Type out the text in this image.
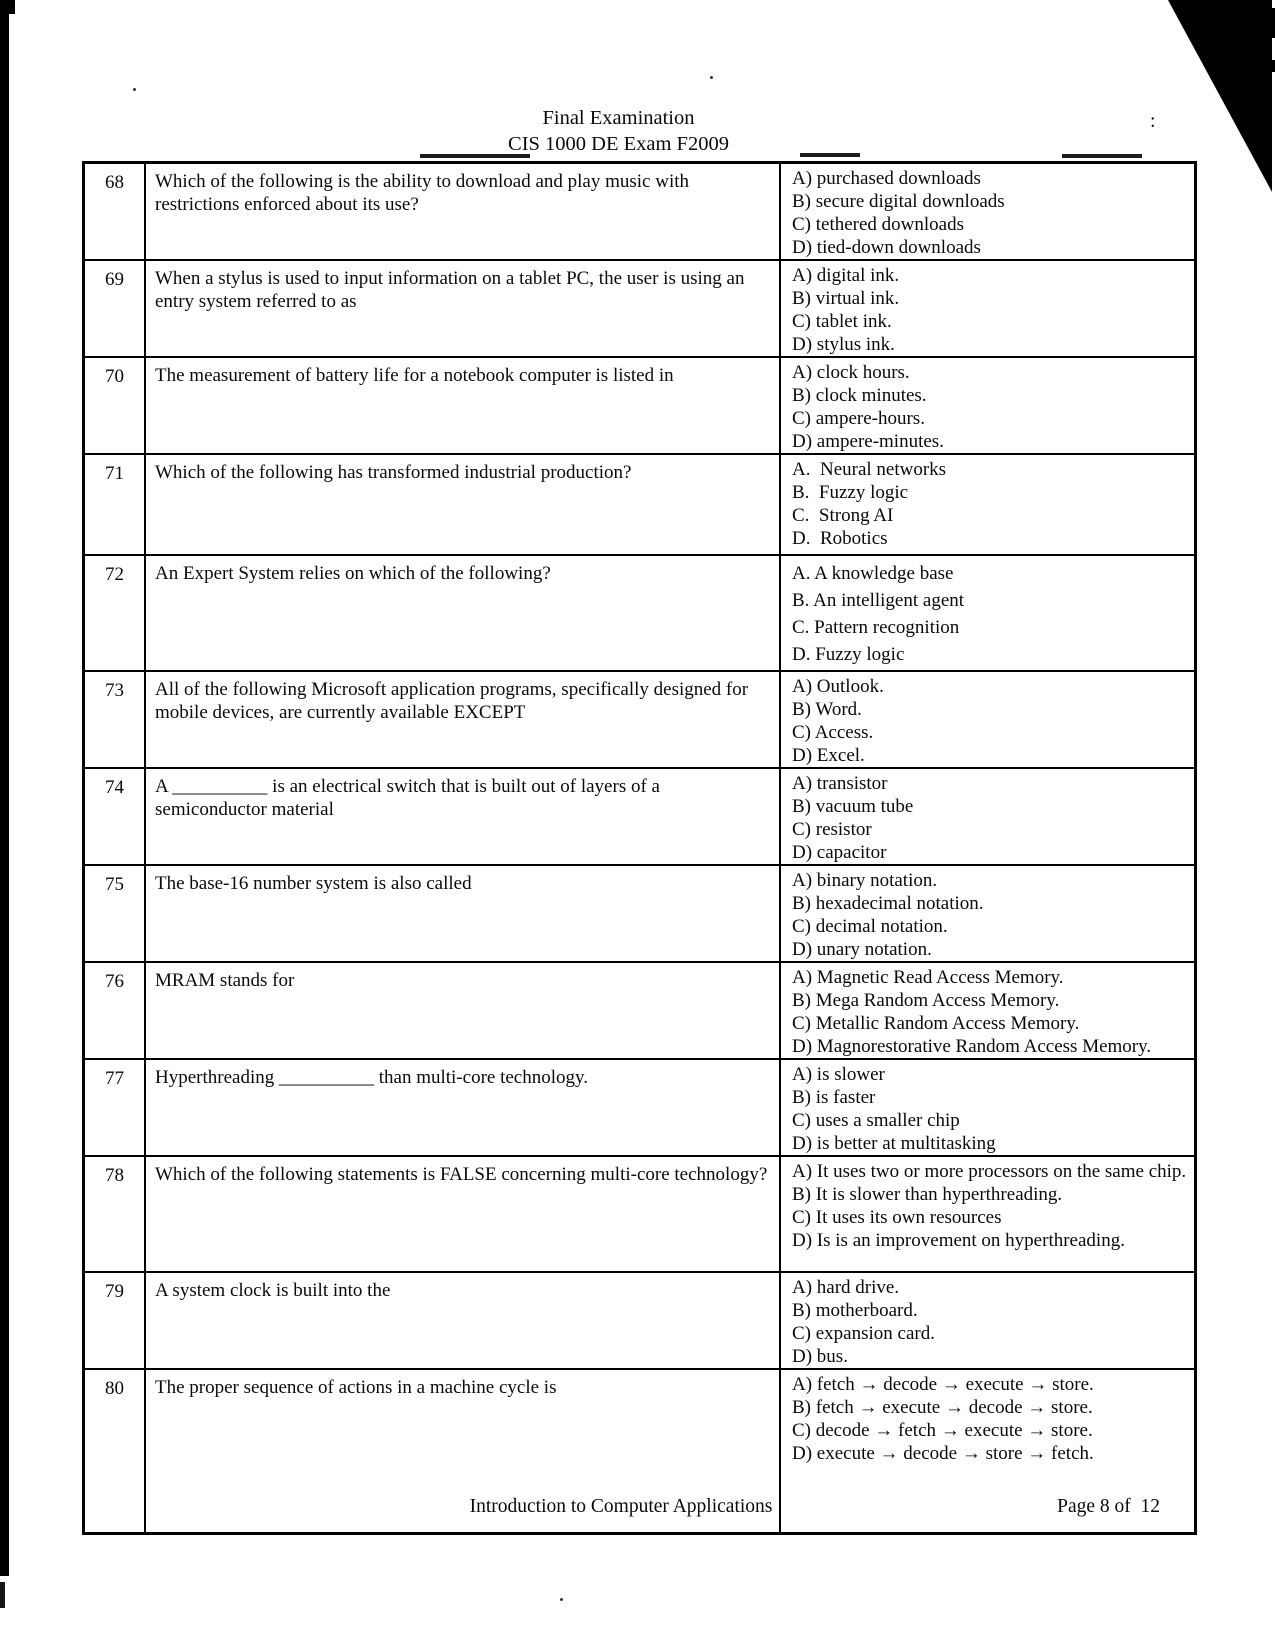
:
Final Examination
CIS 1000 DE Exam F2009
68	Which of the following is the ability to download and play music with restrictions enforced about its use?	A) purchased downloads
B) secure digital downloads
C) tethered downloads
D) tied-down downloads

69	When a stylus is used to input information on a tablet PC, the user is using an entry system referred to as	A) digital ink.
B) virtual ink.
C) tablet ink.
D) stylus ink.

70	The measurement of battery life for a notebook computer is listed in	A) clock hours.
B) clock minutes.
C) ampere-hours.
D) ampere-minutes.

71	Which of the following has transformed industrial production?	A.  Neural networks
B.  Fuzzy logic
C.  Strong AI
D.  Robotics

72	An Expert System relies on which of the following?	A. A knowledge base
B. An intelligent agent
C. Pattern recognition
D. Fuzzy logic

73	All of the following Microsoft application programs, specifically designed for mobile devices, are currently available EXCEPT	A) Outlook.
B) Word.
C) Access.
D) Excel.

74	A __________ is an electrical switch that is built out of layers of a semiconductor material	A) transistor
B) vacuum tube
C) resistor
D) capacitor

75	The base-16 number system is also called	A) binary notation.
B) hexadecimal notation.
C) decimal notation.
D) unary notation.

76	MRAM stands for	A) Magnetic Read Access Memory.
B) Mega Random Access Memory.
C) Metallic Random Access Memory.
D) Magnorestorative Random Access Memory.

77	Hyperthreading __________ than multi-core technology.	A) is slower
B) is faster
C) uses a smaller chip
D) is better at multitasking

78	Which of the following statements is FALSE concerning multi-core technology?	A) It uses two or more processors on the same chip.
B) It is slower than hyperthreading.
C) It uses its own resources
D) Is is an improvement on hyperthreading.

79	A system clock is built into the	A) hard drive.
B) motherboard.
C) expansion card.
D) bus.

80	The proper sequence of actions in a machine cycle is	A) fetch → decode → execute → store.
B) fetch → execute → decode → store.
C) decode → fetch → execute → store.
D) execute → decode → store → fetch.
Introduction to Computer Applications	Page 8 of  12
